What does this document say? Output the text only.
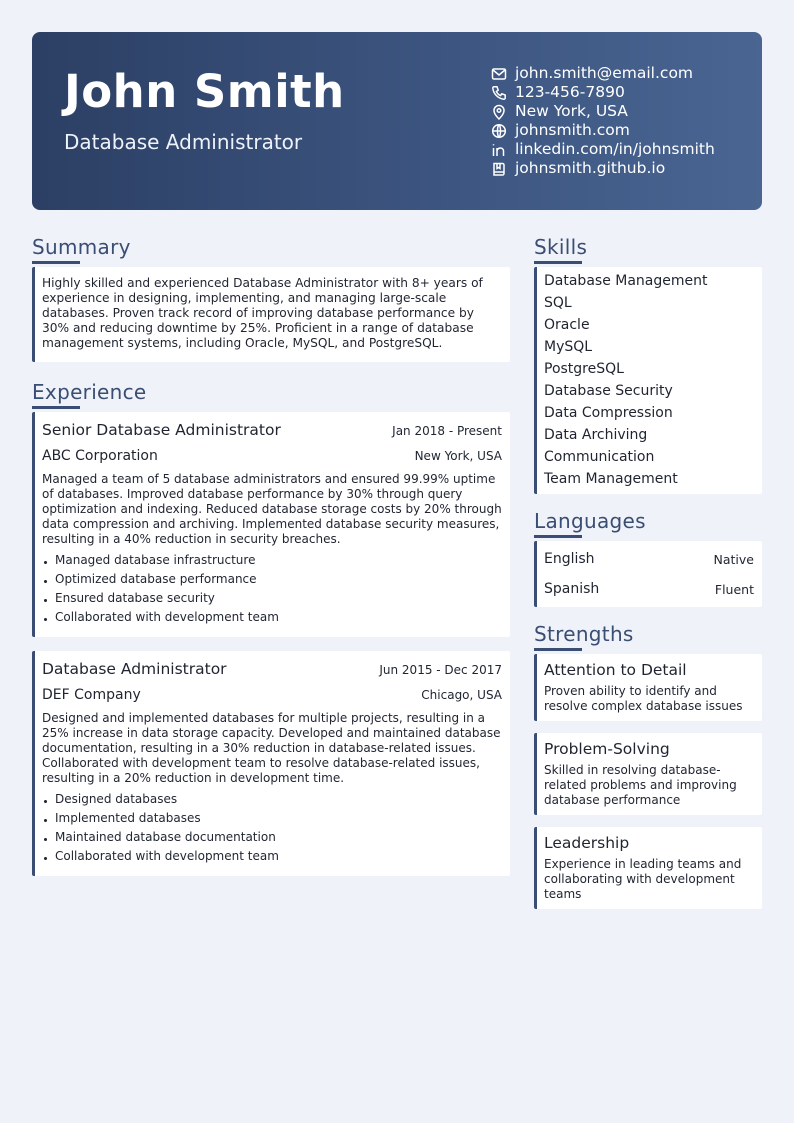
John Smith
Database Administrator
john.smith@email.com
123-456-7890
New York, USA
johnsmith.com
linkedin.com/in/johnsmith
johnsmith.github.io
Summary
Highly skilled and experienced Database Administrator with 8+ years of experience in designing, implementing, and managing large-scale databases. Proven track record of improving database performance by 30% and reducing downtime by 25%. Proficient in a range of database management systems, including Oracle, MySQL, and PostgreSQL.
Experience
Senior Database Administrator	Jan 2018 - Present
ABC Corporation	New York, USA
Managed a team of 5 database administrators and ensured 99.99% uptime of databases. Improved database performance by 30% through query optimization and indexing. Reduced database storage costs by 20% through data compression and archiving. Implemented database security measures, resulting in a 40% reduction in security breaches.
Managed database infrastructure
Optimized database performance
Ensured database security
Collaborated with development team
Database Administrator	Jun 2015 - Dec 2017
DEF Company	Chicago, USA
Designed and implemented databases for multiple projects, resulting in a 25% increase in data storage capacity. Developed and maintained database documentation, resulting in a 30% reduction in database-related issues. Collaborated with development team to resolve database-related issues, resulting in a 20% reduction in development time.
Designed databases
Implemented databases
Maintained database documentation
Collaborated with development team
Skills
Database Management
SQL
Oracle
MySQL
PostgreSQL
Database Security
Data Compression
Data Archiving
Communication
Team Management
Languages
English	Native
Spanish	Fluent
Strengths
Attention to Detail
Proven ability to identify and resolve complex database issues
Problem-Solving
Skilled in resolving database-related problems and improving database performance
Leadership
Experience in leading teams and collaborating with development teams
